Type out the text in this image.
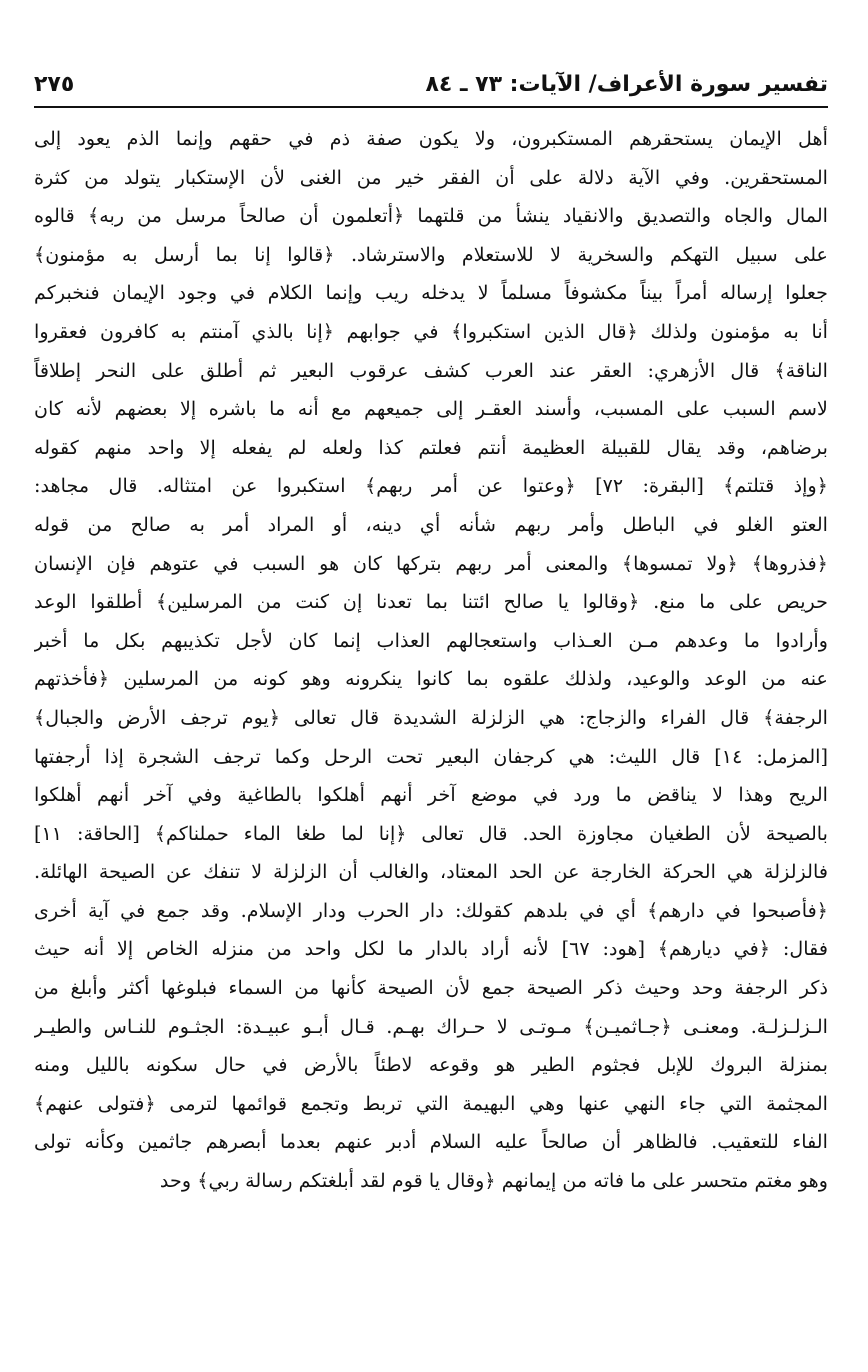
تفسير سورة الأعراف/ الآيات: ٧٣ ـ ٨٤
٢٧٥
أهل الإيمان يستحقرهم المستكبرون، ولا يكون صفة ذم في حقهم وإنما الذم يعود إلى
المستحقرين. وفي الآية دلالة على أن الفقر خير من الغنى لأن الإستكبار يتولد من كثرة
المال والجاه والتصديق والانقياد ينشأ من قلتهما ﴿أتعلمون أن صالحاً مرسل من ربه﴾ قالوه
على سبيل التهكم والسخرية لا للاستعلام والاسترشاد. ﴿قالوا إنا بما أرسل به مؤمنون﴾
جعلوا إرساله أمراً بيناً مكشوفاً مسلماً لا يدخله ريب وإنما الكلام في وجود الإيمان فنخبركم
أنا به مؤمنون ولذلك ﴿قال الذين استكبروا﴾ في جوابهم ﴿إنا بالذي آمنتم به كافرون فعقروا
الناقة﴾ قال الأزهري: العقر عند العرب كشف عرقوب البعير ثم أطلق على النحر إطلاقاً
لاسم السبب على المسبب، وأسند العقـر إلى جميعهم مع أنه ما باشره إلا بعضهم لأنه كان
برضاهم، وقد يقال للقبيلة العظيمة أنتم فعلتم كذا ولعله لم يفعله إلا واحد منهم كقوله
﴿وإذ قتلتم﴾ [البقرة: ٧٢] ﴿وعتوا عن أمر ربهم﴾ استكبروا عن امتثاله. قال مجاهد:
العتو الغلو في الباطل وأمر ربهم شأنه أي دينه، أو المراد أمر به صالح من قوله
﴿فذروها﴾ ﴿ولا تمسوها﴾ والمعنى أمر ربهم بتركها كان هو السبب في عتوهم فإن الإنسان
حريص على ما منع. ﴿وقالوا يا صالح ائتنا بما تعدنا إن كنت من المرسلين﴾ أطلقوا الوعد
وأرادوا ما وعدهم مـن العـذاب واستعجالهم العذاب إنما كان لأجل تكذيبهم بكل ما أخبر
عنه من الوعد والوعيد، ولذلك علقوه بما كانوا ينكرونه وهو كونه من المرسلين ﴿فأخذتهم
الرجفة﴾ قال الفراء والزجاج: هي الزلزلة الشديدة قال تعالى ﴿يوم ترجف الأرض والجبال﴾
[المزمل: ١٤] قال الليث: هي كرجفان البعير تحت الرحل وكما ترجف الشجرة إذا أرجفتها
الريح وهذا لا يناقض ما ورد في موضع آخر أنهم أهلكوا بالطاغية وفي آخر أنهم أهلكوا
بالصيحة لأن الطغيان مجاوزة الحد. قال تعالى ﴿إنا لما طغا الماء حملناكم﴾ [الحاقة: ١١]
فالزلزلة هي الحركة الخارجة عن الحد المعتاد، والغالب أن الزلزلة لا تنفك عن الصيحة الهائلة.
﴿فأصبحوا في دارهم﴾ أي في بلدهم كقولك: دار الحرب ودار الإسلام. وقد جمع في آية أخرى
فقال: ﴿في ديارهم﴾ [هود: ٦٧] لأنه أراد بالدار ما لكل واحد من منزله الخاص إلا أنه حيث
ذكر الرجفة وحد وحيث ذكر الصيحة جمع لأن الصيحة كأنها من السماء فبلوغها أكثر وأبلغ من
الـزلـزلـة. ومعنـى ﴿جـاثميـن﴾ مـوتـى لا حـراك بهـم. قـال أبـو عبيـدة: الجثـوم للنـاس والطيـر
بمنزلة البروك للإبل فجثوم الطير هو وقوعه لاطئاً بالأرض في حال سكونه بالليل ومنه
المجثمة التي جاء النهي عنها وهي البهيمة التي تربط وتجمع قوائمها لترمى ﴿فتولى عنهم﴾
الفاء للتعقيب. فالظاهر أن صالحاً عليه السلام أدبر عنهم بعدما أبصرهم جاثمين وكأنه تولى
وهو مغتم متحسر على ما فاته من إيمانهم ﴿وقال يا قوم لقد أبلغتكم رسالة ربي﴾ وحد
